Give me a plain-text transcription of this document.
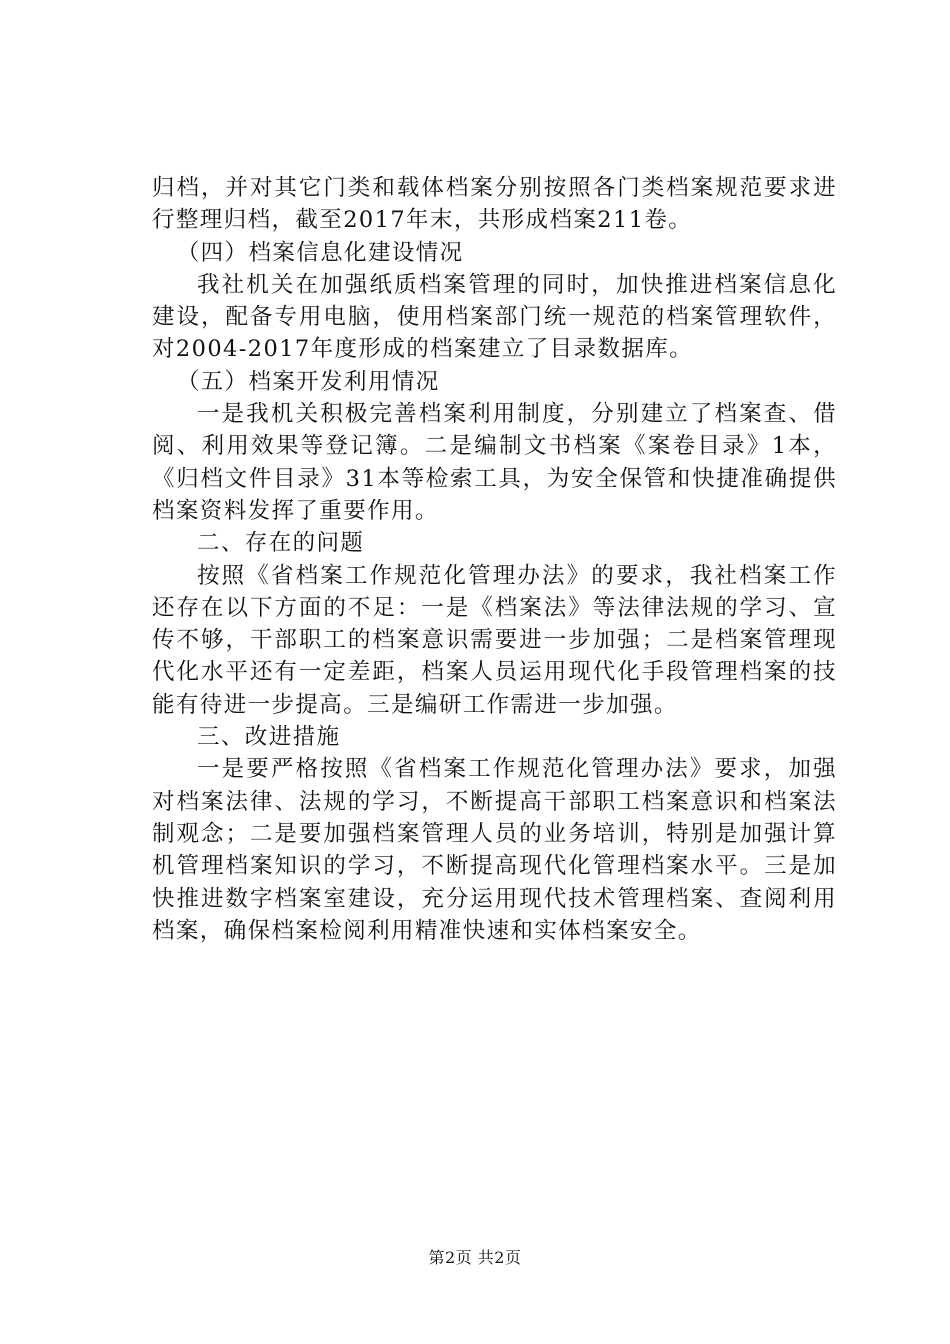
归档，并对其它门类和载体档案分别按照各门类档案规范要求进行整理归档，截至2017年末，共形成档案211卷。

（四）档案信息化建设情况

我社机关在加强纸质档案管理的同时，加快推进档案信息化建设，配备专用电脑，使用档案部门统一规范的档案管理软件，对2004-2017年度形成的档案建立了目录数据库。

（五）档案开发利用情况

一是我机关积极完善档案利用制度，分别建立了档案查、借阅、利用效果等登记簿。二是编制文书档案《案卷目录》1本，《归档文件目录》31本等检索工具，为安全保管和快捷准确提供档案资料发挥了重要作用。

二、存在的问题

按照《省档案工作规范化管理办法》的要求，我社档案工作还存在以下方面的不足：一是《档案法》等法律法规的学习、宣传不够，干部职工的档案意识需要进一步加强；二是档案管理现代化水平还有一定差距，档案人员运用现代化手段管理档案的技能有待进一步提高。三是编研工作需进一步加强。

三、改进措施

一是要严格按照《省档案工作规范化管理办法》要求，加强对档案法律、法规的学习，不断提高干部职工档案意识和档案法制观念；二是要加强档案管理人员的业务培训，特别是加强计算机管理档案知识的学习，不断提高现代化管理档案水平。三是加快推进数字档案室建设，充分运用现代技术管理档案、查阅利用档案，确保档案检阅利用精准快速和实体档案安全。

第2页 共2页
